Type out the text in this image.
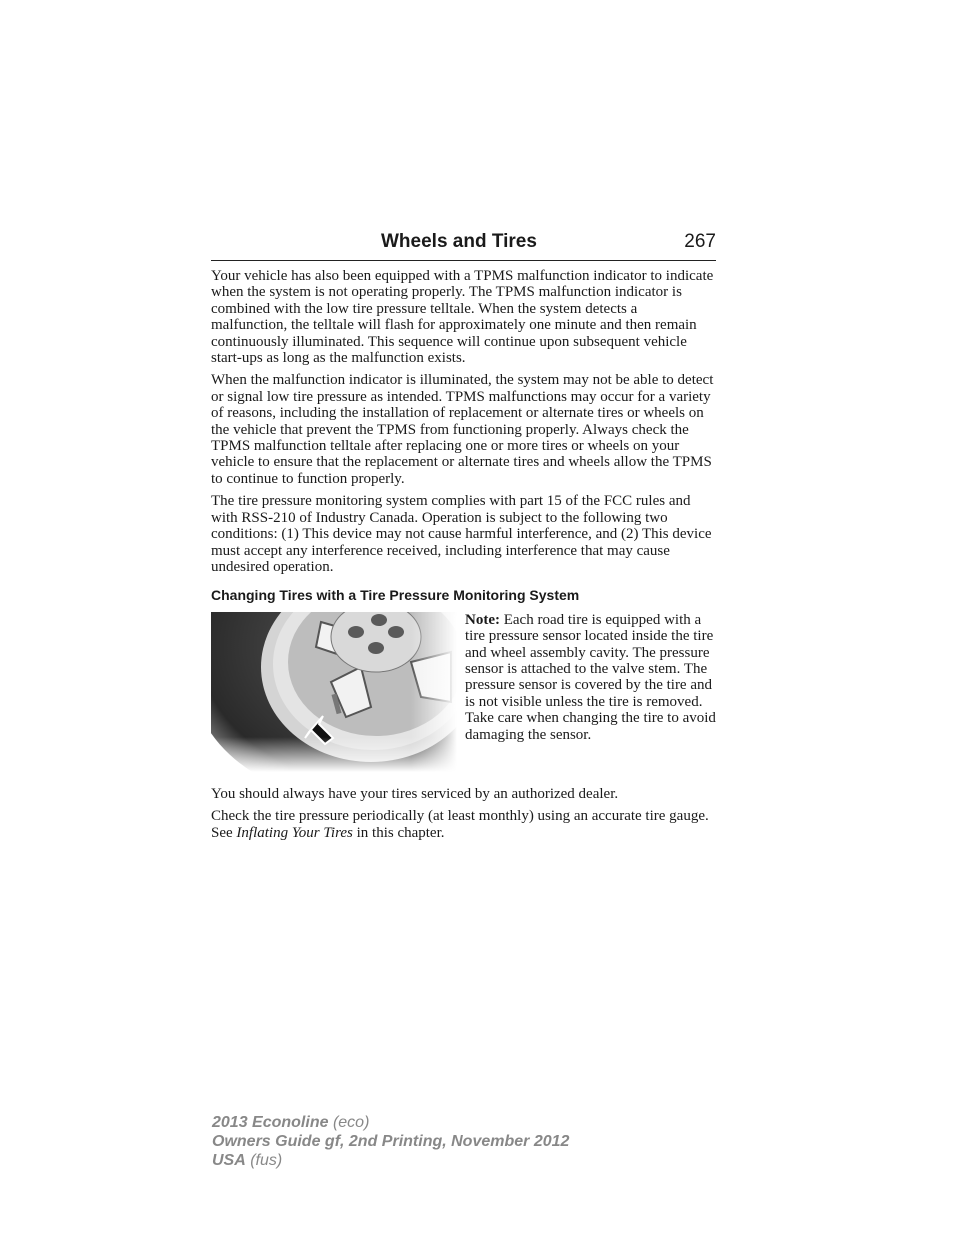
Wheels and Tires	267

Your vehicle has also been equipped with a TPMS malfunction indicator to indicate when the system is not operating properly. The TPMS malfunction indicator is combined with the low tire pressure telltale. When the system detects a malfunction, the telltale will flash for approximately one minute and then remain continuously illuminated. This sequence will continue upon subsequent vehicle start-ups as long as the malfunction exists.

When the malfunction indicator is illuminated, the system may not be able to detect or signal low tire pressure as intended. TPMS malfunctions may occur for a variety of reasons, including the installation of replacement or alternate tires or wheels on the vehicle that prevent the TPMS from functioning properly. Always check the TPMS malfunction telltale after replacing one or more tires or wheels on your vehicle to ensure that the replacement or alternate tires and wheels allow the TPMS to continue to function properly.

The tire pressure monitoring system complies with part 15 of the FCC rules and with RSS-210 of Industry Canada. Operation is subject to the following two conditions: (1) This device may not cause harmful interference, and (2) This device must accept any interference received, including interference that may cause undesired operation.

Changing Tires with a Tire Pressure Monitoring System
Note: Each road tire is equipped with a tire pressure sensor located inside the tire and wheel assembly cavity. The pressure sensor is attached to the valve stem. The pressure sensor is covered by the tire and is not visible unless the tire is removed. Take care when changing the tire to avoid damaging the sensor.

You should always have your tires serviced by an authorized dealer.

Check the tire pressure periodically (at least monthly) using an accurate tire gauge. See Inflating Your Tires in this chapter.

2013 Econoline (eco)
Owners Guide gf, 2nd Printing, November 2012
USA (fus)
